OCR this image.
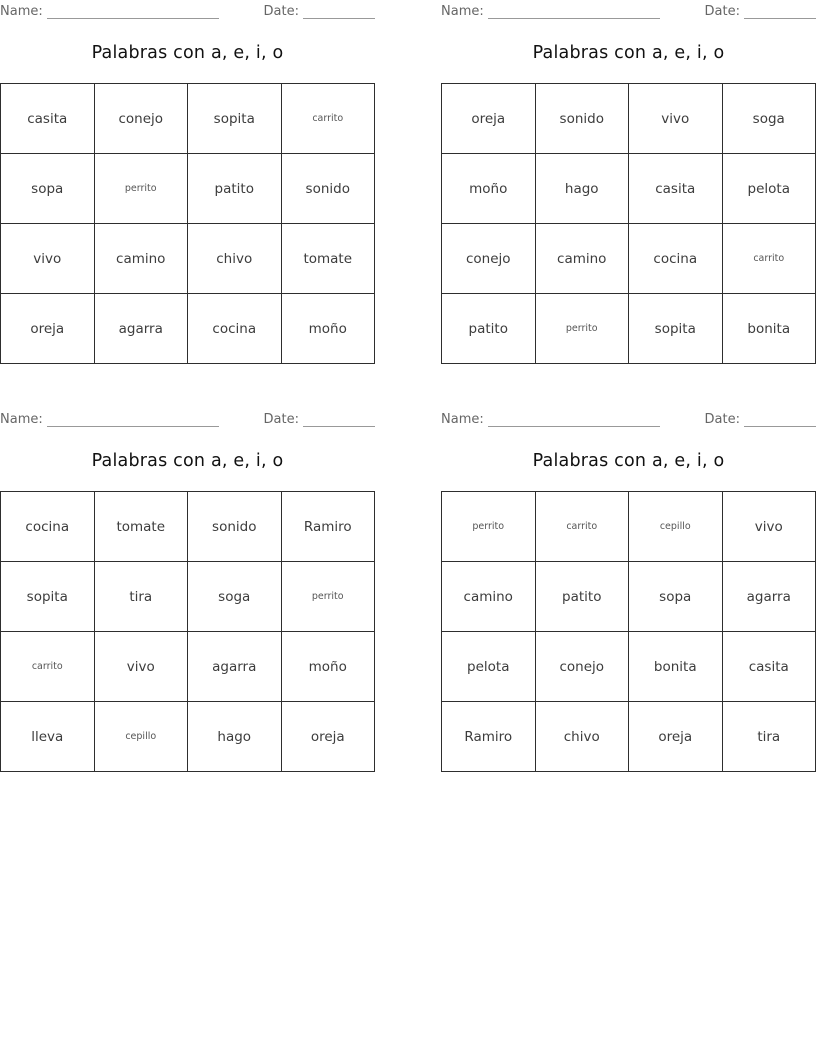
Name:	Date:
Palabras con a, e, i, o
casita	conejo	sopita	carrito
sopa	perrito	patito	sonido
vivo	camino	chivo	tomate
oreja	agarra	cocina	moño
Name:	Date:
Palabras con a, e, i, o
oreja	sonido	vivo	soga
moño	hago	casita	pelota
conejo	camino	cocina	carrito
patito	perrito	sopita	bonita
Name:	Date:
Palabras con a, e, i, o
cocina	tomate	sonido	Ramiro
sopita	tira	soga	perrito
carrito	vivo	agarra	moño
lleva	cepillo	hago	oreja
Name:	Date:
Palabras con a, e, i, o
perrito	carrito	cepillo	vivo
camino	patito	sopa	agarra
pelota	conejo	bonita	casita
Ramiro	chivo	oreja	tira
